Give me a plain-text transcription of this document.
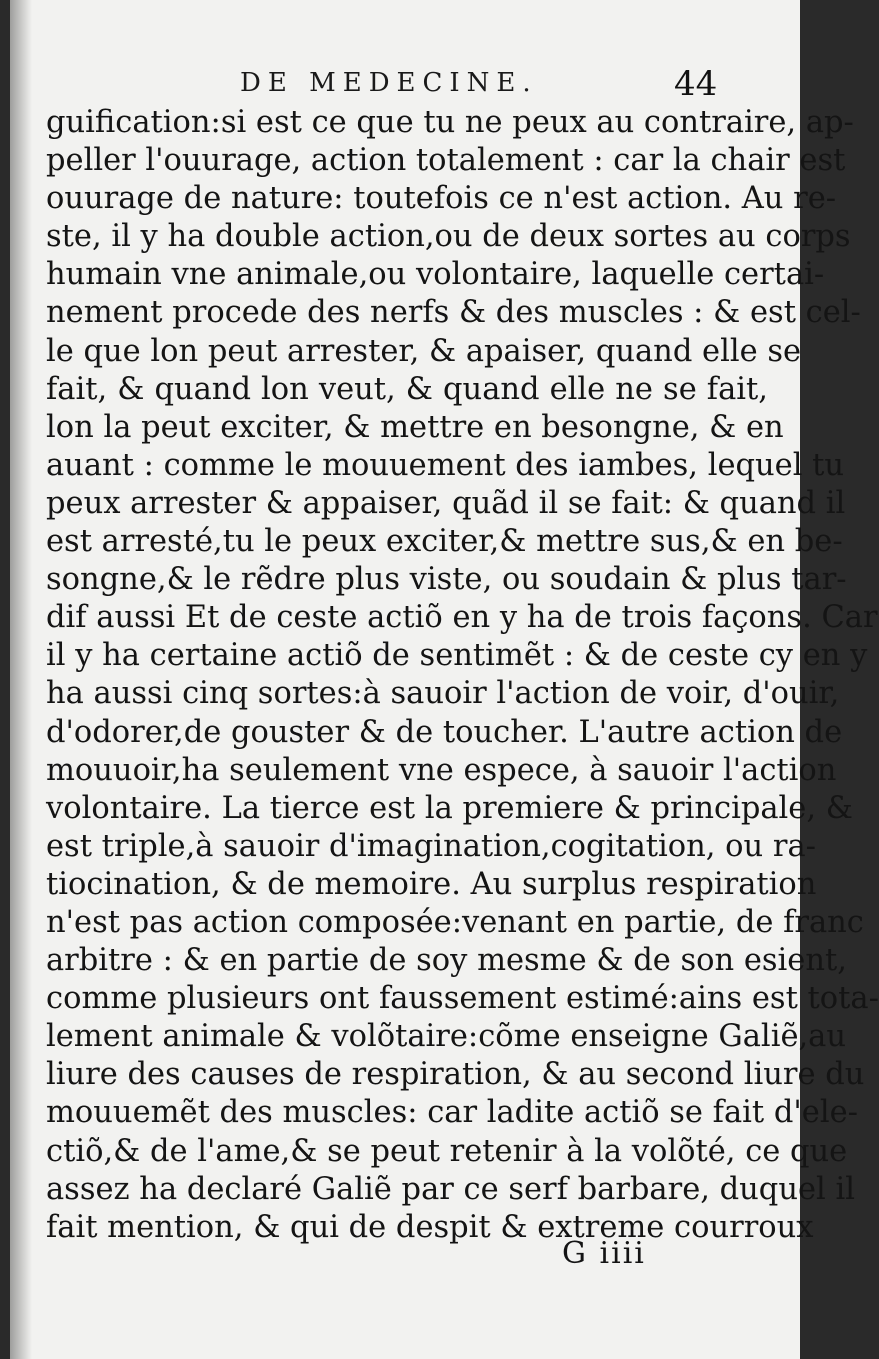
DE MEDECINE.	44
guification:si est ce que tu ne peux au contraire, ap-
peller l'ouurage, action totalement : car la chair est
ouurage de nature: toutefois ce n'est action. Au re-
ste, il y ha double action,ou de deux sortes au corps
humain vne animale,ou volontaire, laquelle certai-
nement procede des nerfs & des muscles : & est cel-
le que lon peut arrester, & apaiser, quand elle se
fait, & quand lon veut, & quand elle ne se fait,
lon la peut exciter, & mettre en besongne, & en
auant : comme le mouuement des iambes, lequel tu
peux arrester & appaiser, quãd il se fait: & quand il
est arresté,tu le peux exciter,& mettre sus,& en be-
songne,& le rẽdre plus viste, ou soudain & plus tar-
dif aussi Et de ceste actiõ en y ha de trois façons. Car
il y ha certaine actiõ de sentimẽt : & de ceste cy en y
ha aussi cinq sortes:à sauoir l'action de voir, d'ouir,
d'odorer,de gouster & de toucher. L'autre action de
mouuoir,ha seulement vne espece, à sauoir l'action
volontaire. La tierce est la premiere & principale, &
est triple,à sauoir d'imagination,cogitation, ou ra-
tiocination, & de memoire. Au surplus respiration
n'est pas action composée:venant en partie, de franc
arbitre : & en partie de soy mesme & de son esient,
comme plusieurs ont faussement estimé:ains est tota-
lement animale & volõtaire:cõme enseigne Galiẽ,au
liure des causes de respiration, & au second liure du
mouuemẽt des muscles: car ladite actiõ se fait d'ele-
ctiõ,& de l'ame,& se peut retenir à la volõté, ce que
assez ha declaré Galiẽ par ce serf barbare, duquel il
fait mention, & qui de despit & extreme courroux
G iiii
